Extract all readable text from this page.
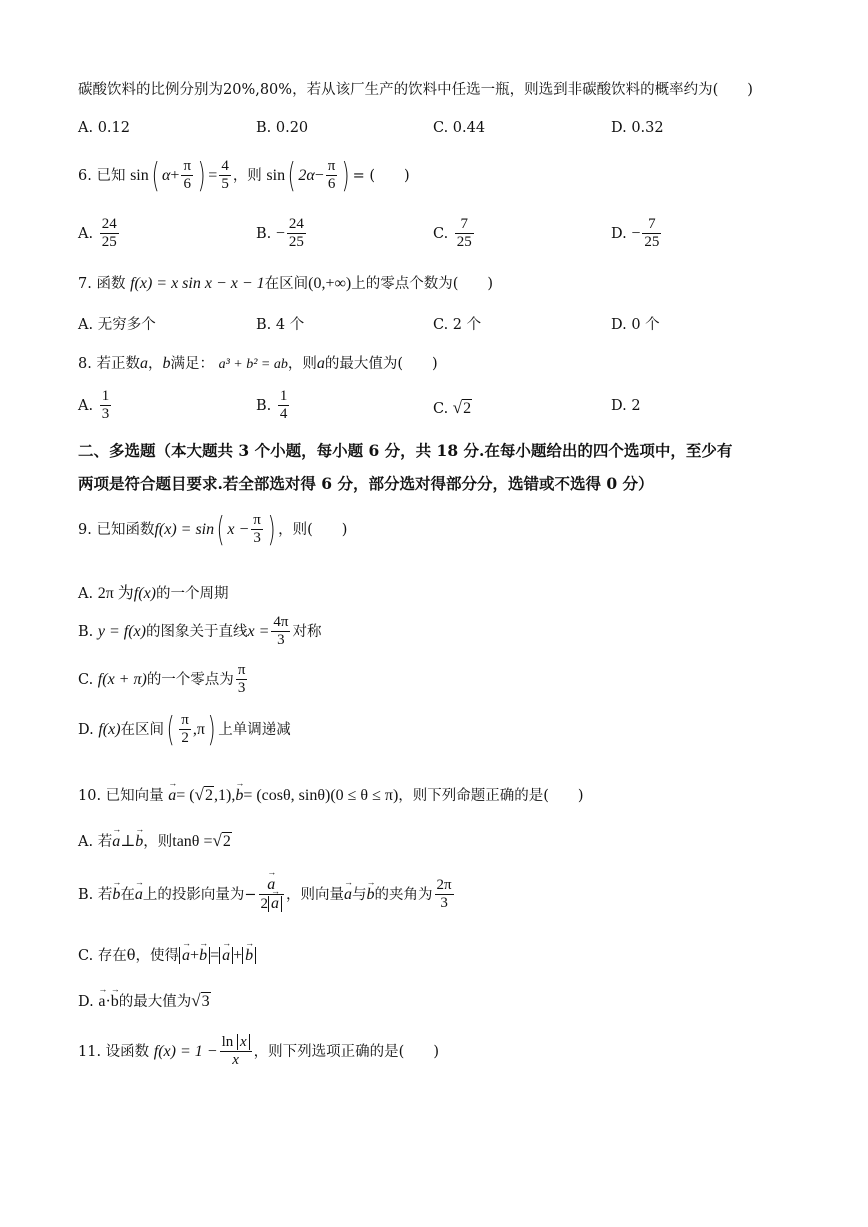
碳酸饮料的比例分别为20%,80%，若从该厂生产的饮料中任选一瓶，则选到非碳酸饮料的概率约为(　　)
A. 0.12	B. 0.20	C. 0.44	D. 0.32
6. 已知 sin( $\alpha+ \frac{\pi}{6}$ ) = $\frac{4}{5}$ ，则 sin( $2\alpha- \frac{\pi}{6}$ ) = (　　)
A. $\frac{24}{25}$	B. − $\frac{24}{25}$	C. $\frac{7}{25}$	D. − $\frac{7}{25}$
7. 函数 f(x) = x sin x − x − 1在区间(0,+∞)上的零点个数为(　　)
A. 无穷多个	B. 4 个	C. 2 个	D. 0 个
8. 若正数a，b满足： a³ + b² = ab，则a的最大值为(　　)
A. $\frac{1}{3}$	B. $\frac{1}{4}$	C. √2	D. 2
二、多选题（本大题共 3 个小题，每小题 6 分，共 18 分.在每小题给出的四个选项中，至少有
两项是符合题目要求.若全部选对得 6 分，部分选对得部分分，选错或不选得 0 分）
9. 已知函数f(x) = sin( $x - \frac{\pi}{3}$ ) ，则(　　)
A. 2π 为f(x)的一个周期
B. y = f(x)的图象关于直线$x = \frac{4\pi}{3}$ 对称
C. f(x + π)的一个零点为 $\frac{\pi}{3}$
D. f(x)在区间( $\frac{\pi}{2} ,\pi$) 上单调递减
10. 已知向量 → a= (√2,1),→ b= (cosθ, sinθ)(0 ≤ θ ≤ π)，则下列命题正确的是(　　)
A. 若→ a⊥→ b，则tanθ =√2
B. 若→ b在→ a上的投影向量为− → $\frac{a}{2 \to a}$ ，则向量→ a与→ b的夹角为 $\frac{2\pi}{3}$
C. 存在θ，使得 → a+→ b = → a + → b
D. → a·→ b的最大值为√3
11. 设函数 $f(x) = 1 - \frac{\text{ln x}}{x}$ ，则下列选项正确的是(　　)
